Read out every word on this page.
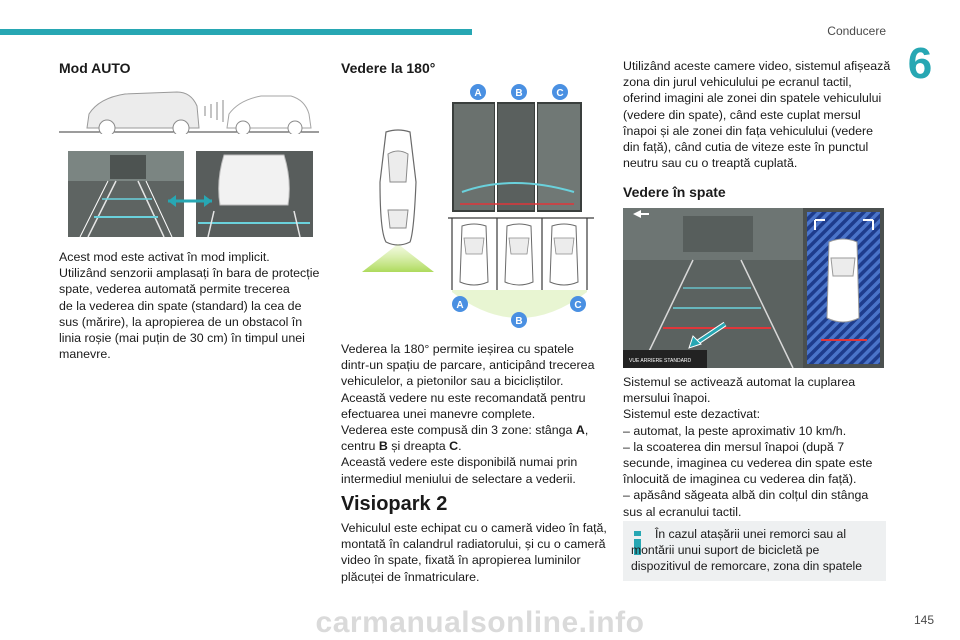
Conducere
6
Mod AUTO

Acest mod este activat în mod implicit.

Utilizând senzorii amplasați în bara de protecție

spate, vederea automată permite trecerea

de la vederea din spate (standard) la cea de

sus (mărire), la apropierea de un obstacol în

linia roșie (mai puțin de 30 cm) în timpul unei

manevre.

Vedere la 180°
A	B	C
A
B
C

Vederea la 180° permite ieșirea cu spatele

dintr-un spațiu de parcare, anticipând trecerea

vehiculelor, a pietonilor sau a bicicliștilor.

Această vedere nu este recomandată pentru

efectuarea unei manevre complete.

Vederea este compusă din 3 zone: stânga A,

centru B și dreapta C.

Această vedere este disponibilă numai prin

intermediul meniului de selectare a vederii.

Visiopark 2

Vehiculul este echipat cu o cameră video în față,

montată în calandrul radiatorului, și cu o cameră

video în spate, fixată în apropierea luminilor

plăcuței de înmatriculare.

Utilizând aceste camere video, sistemul afișează

zona din jurul vehiculului pe ecranul tactil,

oferind imagini ale zonei din spatele vehiculului

(vedere din spate), când este cuplat mersul

înapoi și ale zonei din fața vehiculului (vedere

din față), când cutia de viteze este în punctul

neutru sau cu o treaptă cuplată.

Vedere în spate
VUE ARRIERE STANDARD

Sistemul se activează automat la cuplarea

mersului înapoi.

Sistemul este dezactivat:

– automat, la peste aproximativ 10 km/h.

– la scoaterea din mersul înapoi (după 7

secunde, imaginea cu vederea din spate este

înlocuită de imaginea cu vederea din față).

– apăsând săgeata albă din colțul din stânga

sus al ecranului tactil.

În cazul atașării unei remorci sau al
montării unui suport de bicicletă pe
dispozitivul de remorcare, zona din spatele
carmanualsonline.info	145
